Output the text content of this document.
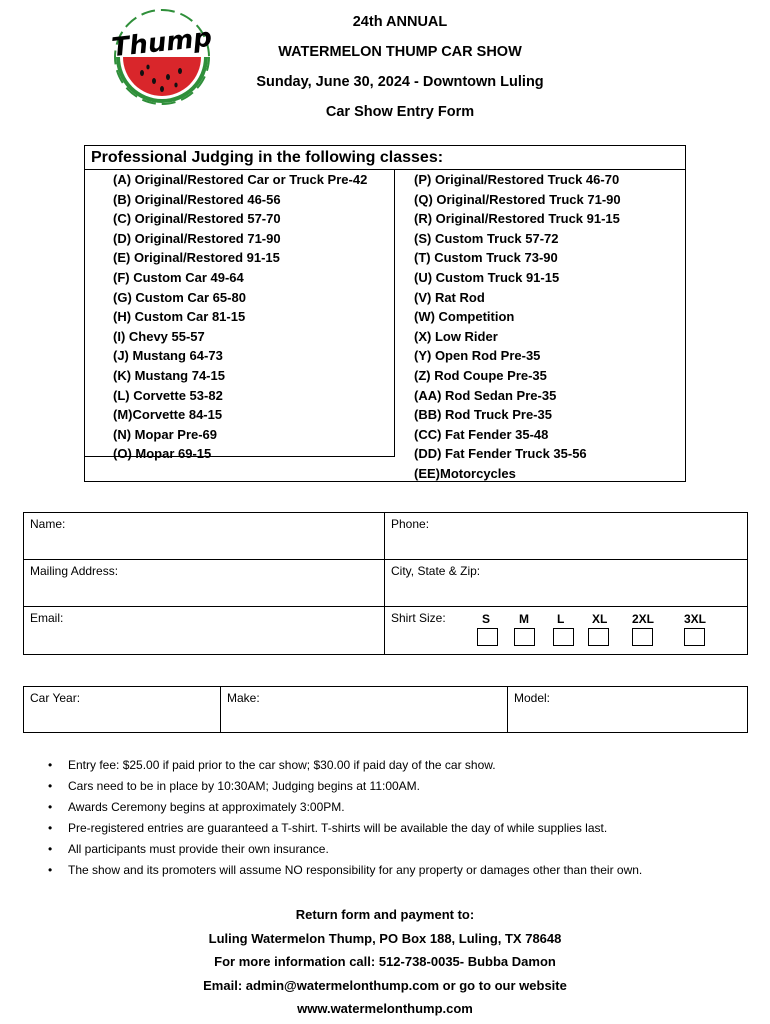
Thump
24th ANNUAL
WATERMELON THUMP CAR SHOW
Sunday, June 30, 2024 - Downtown Luling
Car Show Entry Form
Professional Judging in the following classes:
(A) Original/Restored Car or Truck Pre-42
(B) Original/Restored 46-56
(C) Original/Restored 57-70
(D) Original/Restored 71-90
(E) Original/Restored 91-15
(F) Custom Car 49-64
(G) Custom Car 65-80
(H) Custom Car 81-15
(I) Chevy 55-57
(J) Mustang 64-73
(K) Mustang 74-15
(L) Corvette 53-82
(M)Corvette 84-15
(N) Mopar Pre-69
(O) Mopar 69-15
(P) Original/Restored Truck 46-70
(Q) Original/Restored Truck 71-90
(R) Original/Restored Truck 91-15
(S) Custom Truck 57-72
(T) Custom Truck 73-90
(U) Custom Truck 91-15
(V) Rat Rod
(W) Competition
(X) Low Rider
(Y) Open Rod Pre-35
(Z) Rod Coupe Pre-35
(AA) Rod Sedan Pre-35
(BB) Rod Truck Pre-35
(CC) Fat Fender 35-48
(DD) Fat Fender Truck 35-56
(EE)Motorcycles
Name:	Phone:
Mailing Address:	City, State & Zip:
Email:	Shirt Size:	S M L XL 2XL 3XL
Car Year:	Make:	Model:
• Entry fee: $25.00 if paid prior to the car show; $30.00 if paid day of the car show.
• Cars need to be in place by 10:30AM; Judging begins at 11:00AM.
• Awards Ceremony begins at approximately 3:00PM.
• Pre-registered entries are guaranteed a T-shirt. T-shirts will be available the day of while supplies last.
• All participants must provide their own insurance.
• The show and its promoters will assume NO responsibility for any property or damages other than their own.
Return form and payment to:
Luling Watermelon Thump, PO Box 188, Luling, TX 78648
For more information call: 512-738-0035- Bubba Damon
Email: admin@watermelonthump.com or go to our website
www.watermelonthump.com
